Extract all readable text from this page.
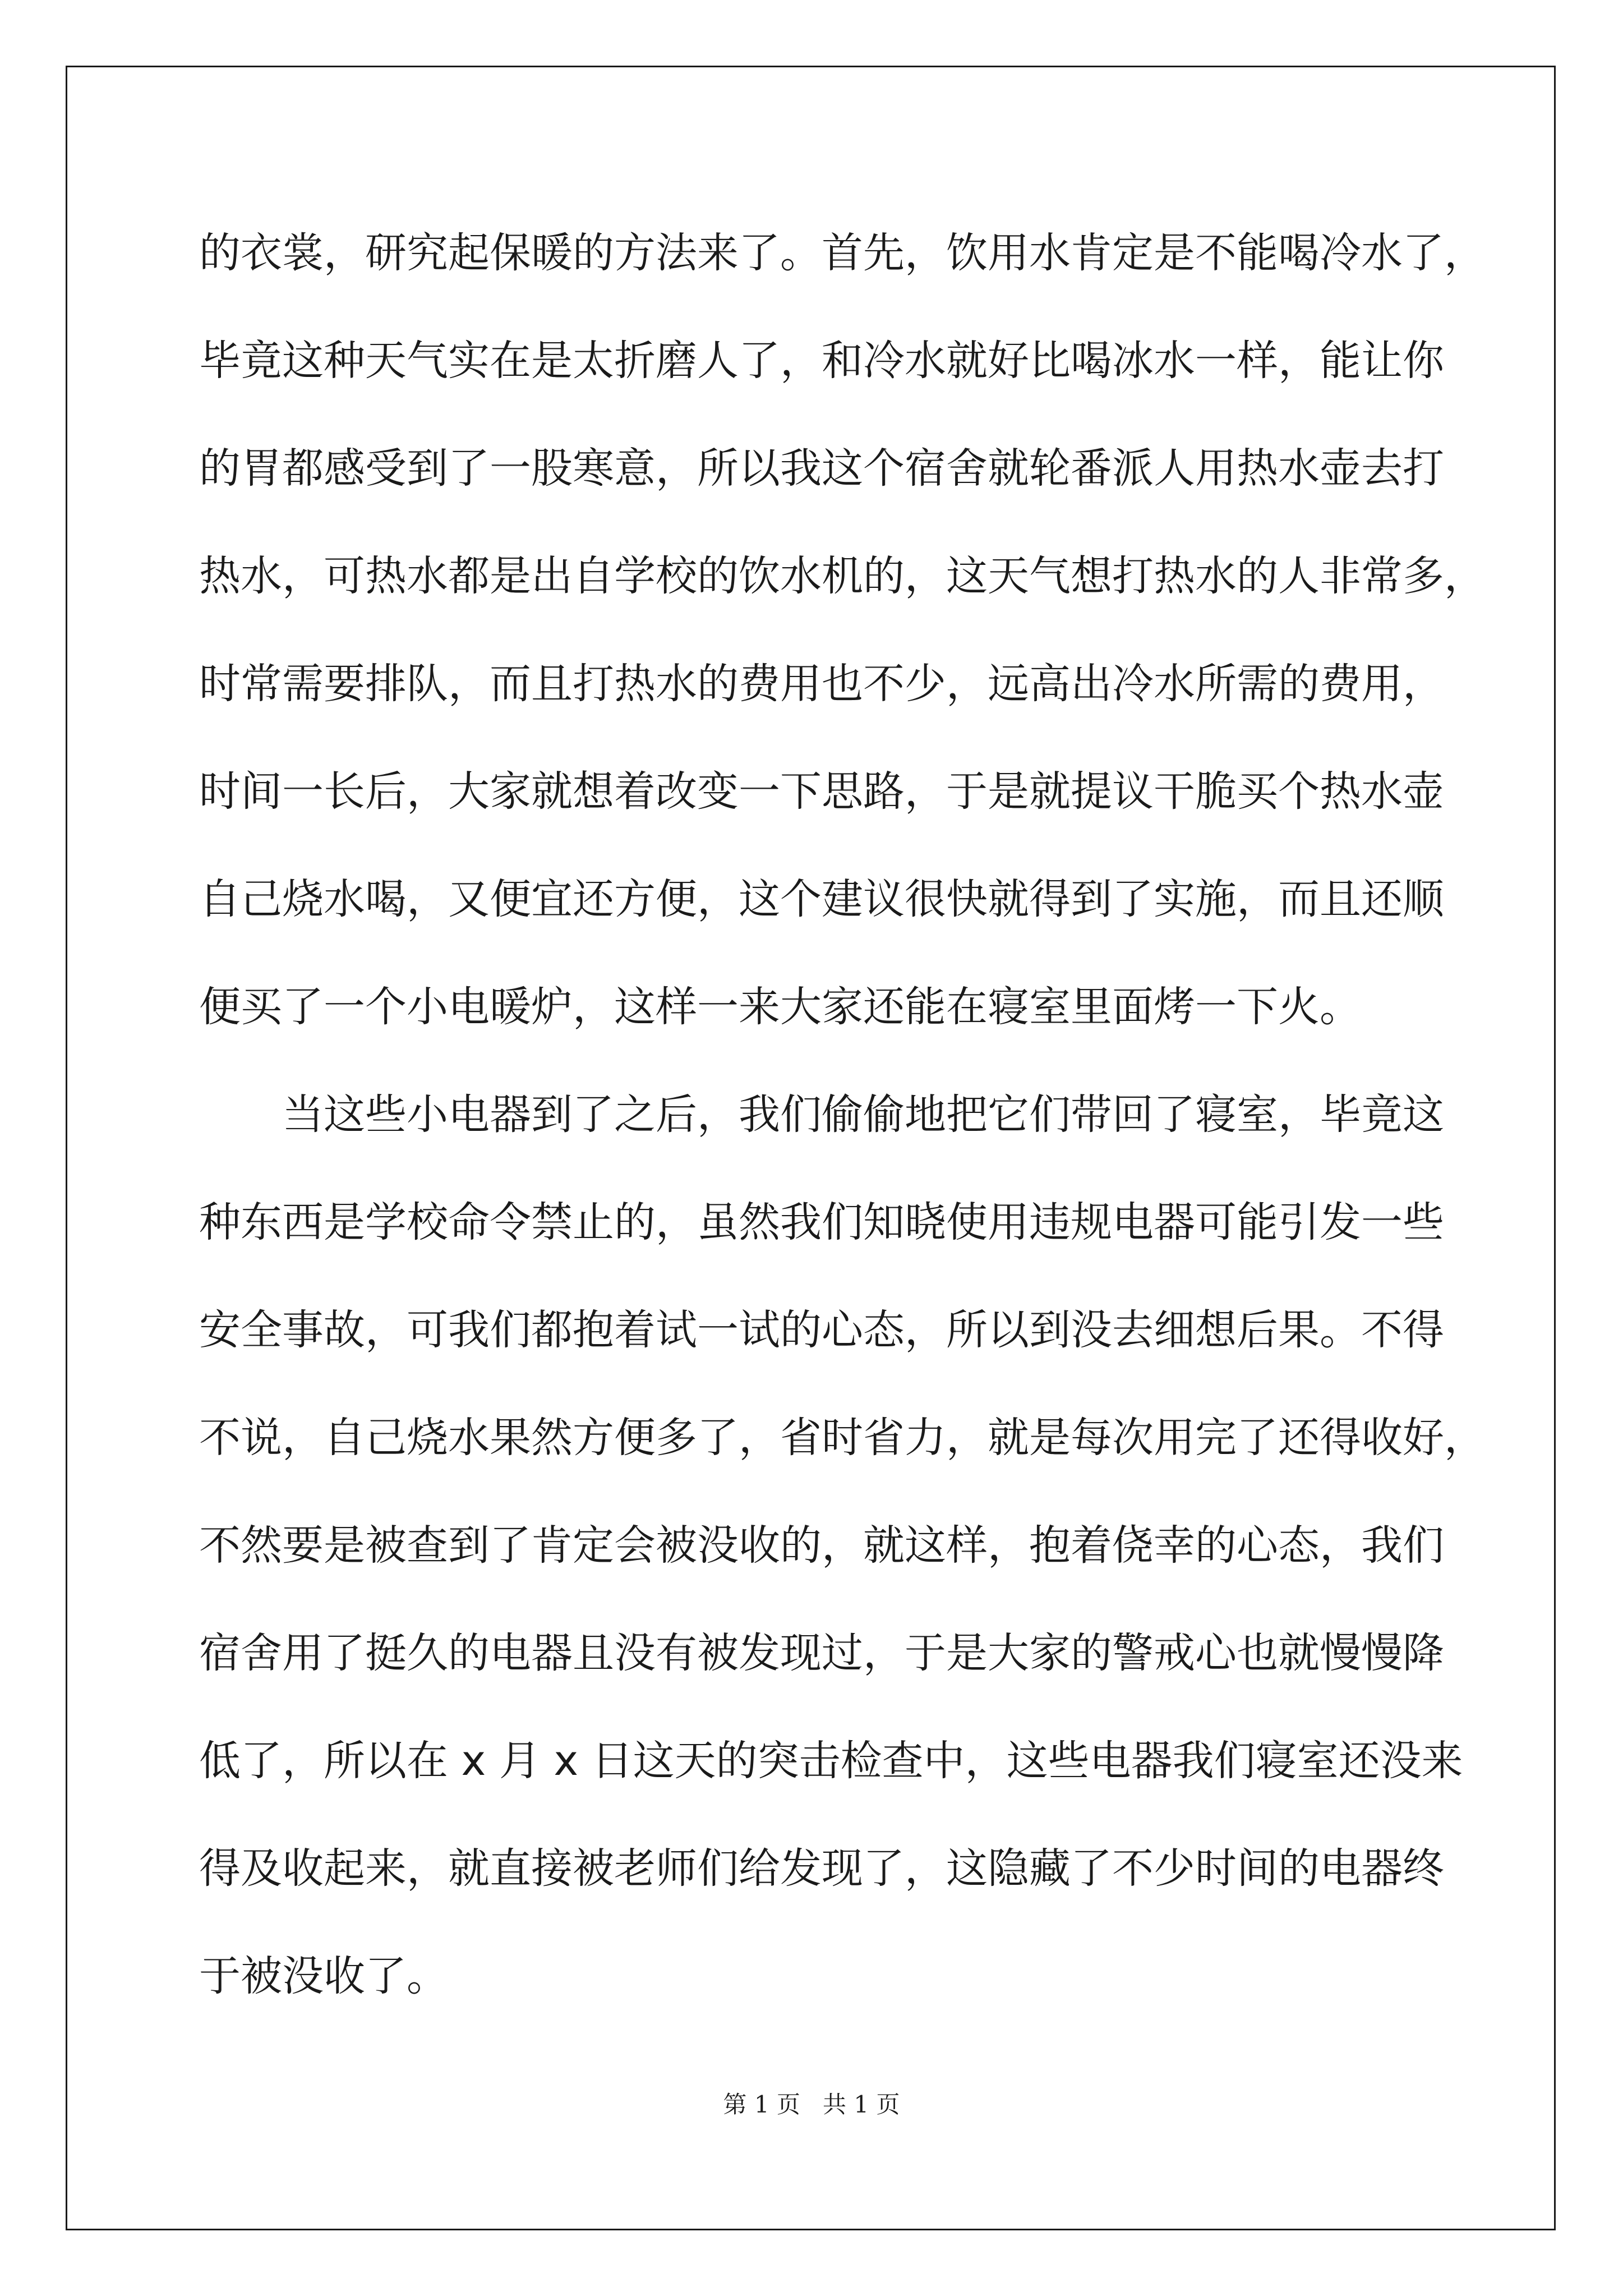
的衣裳，研究起保暖的方法来了。首先，饮用水肯定是不能喝冷水了，
毕竟这种天气实在是太折磨人了，和冷水就好比喝冰水一样，能让你
的胃都感受到了一股寒意，所以我这个宿舍就轮番派人用热水壶去打
热水，可热水都是出自学校的饮水机的，这天气想打热水的人非常多，
时常需要排队，而且打热水的费用也不少，远高出冷水所需的费用，
时间一长后，大家就想着改变一下思路，于是就提议干脆买个热水壶
自己烧水喝，又便宜还方便，这个建议很快就得到了实施，而且还顺
便买了一个小电暖炉，这样一来大家还能在寝室里面烤一下火。
当这些小电器到了之后，我们偷偷地把它们带回了寝室，毕竟这
种东西是学校命令禁止的，虽然我们知晓使用违规电器可能引发一些
安全事故，可我们都抱着试一试的心态，所以到没去细想后果。不得
不说，自己烧水果然方便多了，省时省力，就是每次用完了还得收好，
不然要是被查到了肯定会被没收的，就这样，抱着侥幸的心态，我们
宿舍用了挺久的电器且没有被发现过，于是大家的警戒心也就慢慢降
低了，所以在 x 月 x 日这天的突击检查中，这些电器我们寝室还没来
得及收起来，就直接被老师们给发现了，这隐藏了不少时间的电器终
于被没收了。
第 1 页   共 1 页
